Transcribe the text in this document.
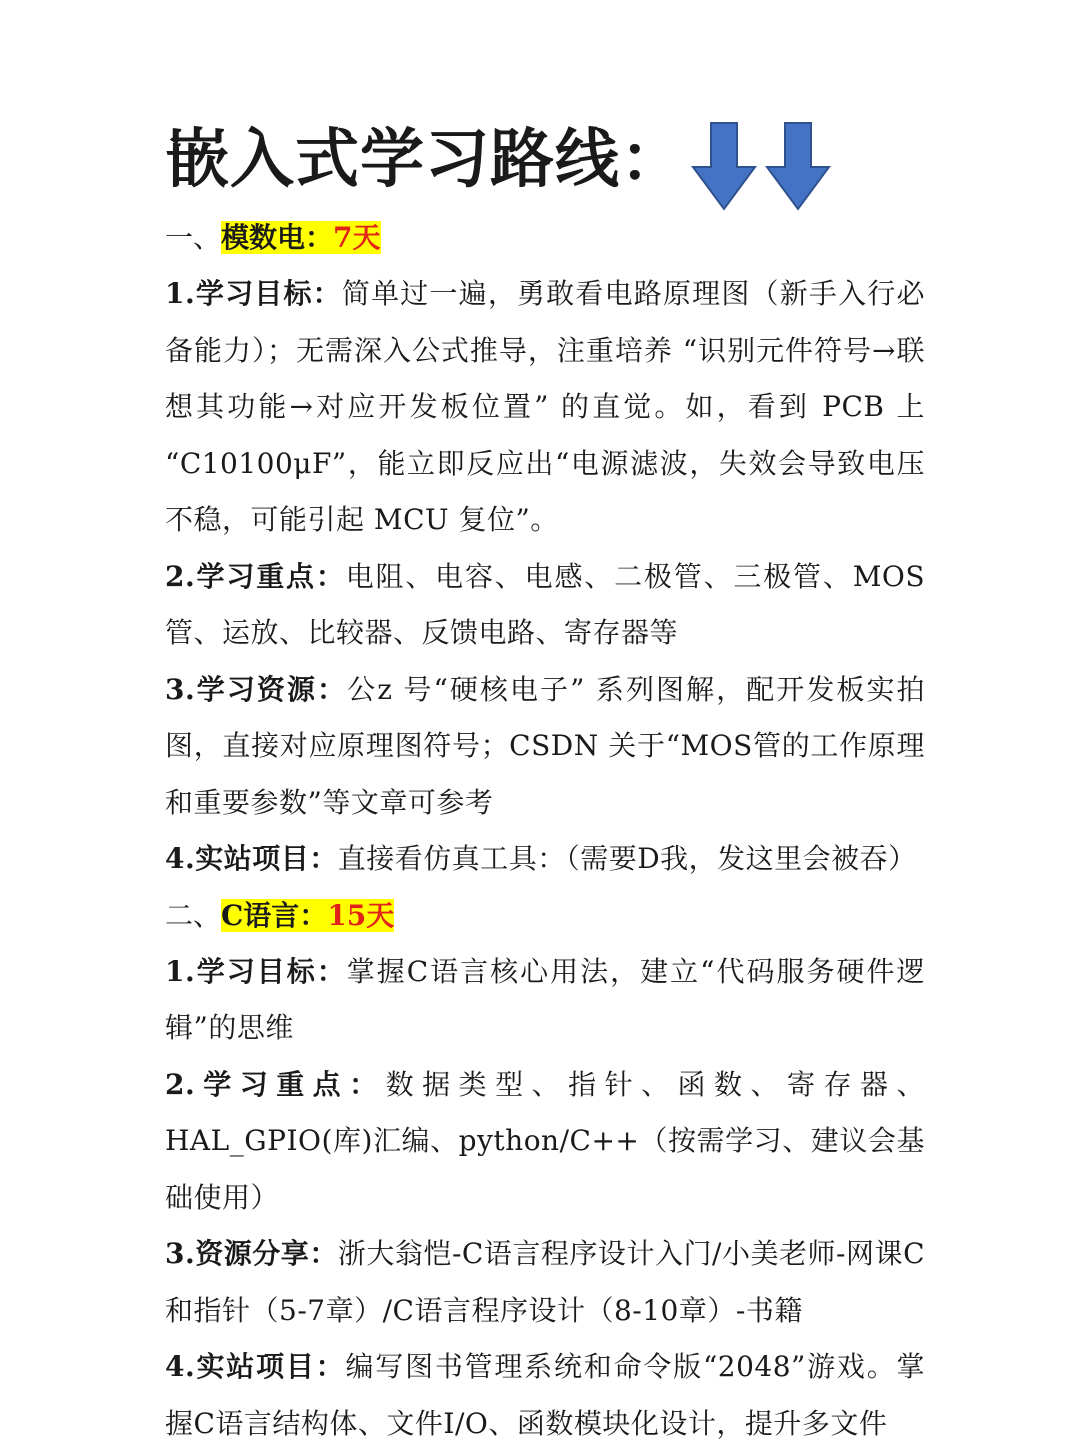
嵌入式学习路线：
一、模数电：7天

1.学习目标：简单过一遍，勇敢看电路原理图（新手入行必备能力）；无需深入公式推导，注重培养 “识别元件符号→联想其功能→对应开发板位置” 的直觉。如，看到 PCB 上 “C10100μF”，能立即反应出“电源滤波，失效会导致电压不稳，可能引起 MCU 复位”。

2.学习重点：电阻、电容、电感、二极管、三极管、MOS管、运放、比较器、反馈电路、寄存器等

3.学习资源：公z 号“硬核电子” 系列图解，配开发板实拍图，直接对应原理图符号；CSDN 关于“MOS管的工作原理和重要参数”等文章可参考

4.实站项目：直接看仿真工具：（需要D我，发这里会被吞）

二、C语言：15天

1.学习目标：掌握C语言核心用法，建立“代码服务硬件逻辑”的思维

2.学习重点：数据类型、指针、函数、寄存器、HAL_GPIO(库)汇编、python/C++（按需学习、建议会基础使用）

3.资源分享：浙大翁恺-C语言程序设计入门/小美老师-网课C和指针（5-7章）/C语言程序设计（8-10章）-书籍

4.实站项目：编写图书管理系统和命令版“2048”游戏。掌握C语言结构体、文件I/O、函数模块化设计，提升多文件
